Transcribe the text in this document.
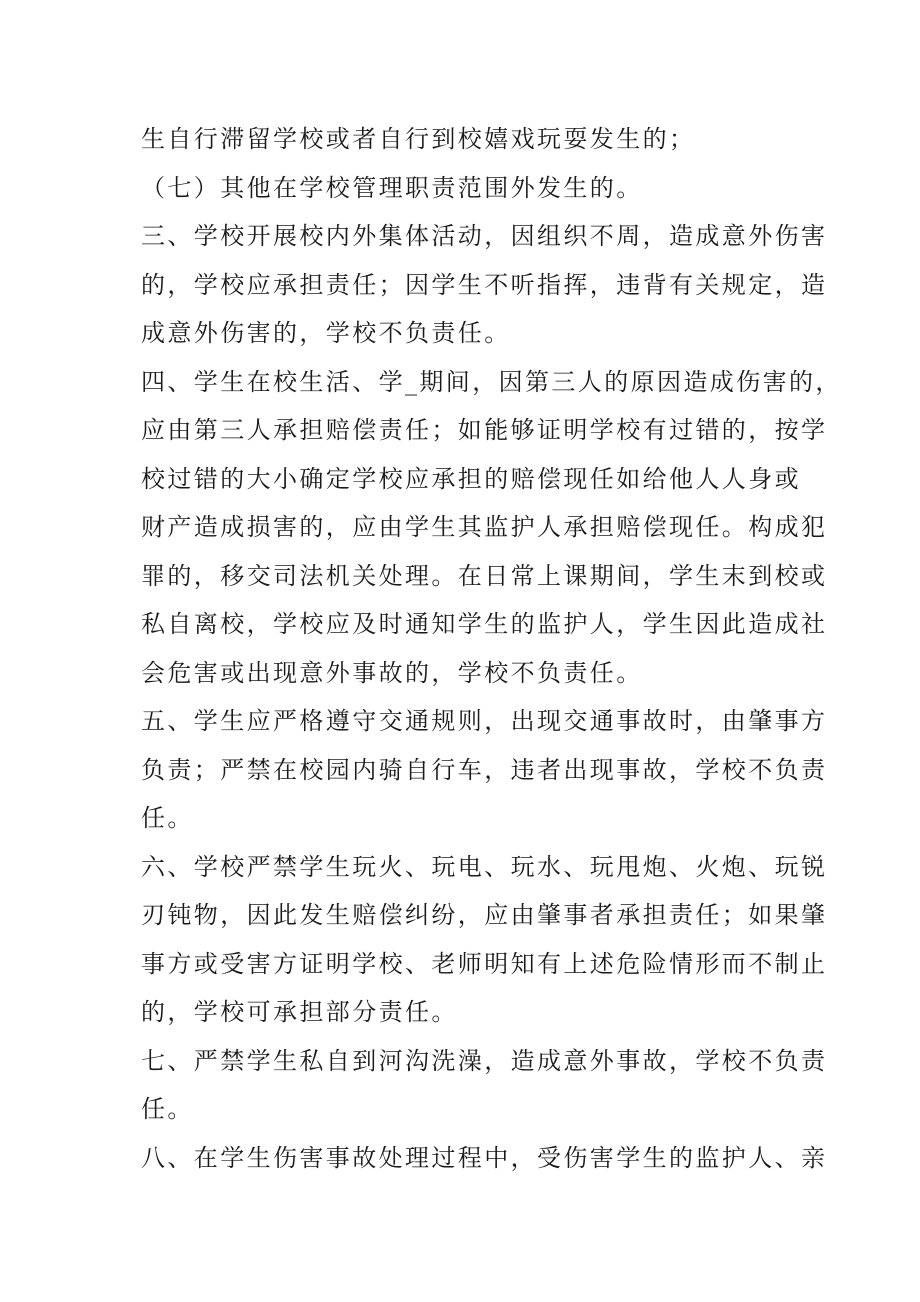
生自行滞留学校或者自行到校嬉戏玩耍发生的；
（七）其他在学校管理职责范围外发生的。
三、学校开展校内外集体活动，因组织不周，造成意外伤害
的，学校应承担责任；因学生不听指挥，违背有关规定，造
成意外伤害的，学校不负责任。
四、学生在校生活、学_期间，因第三人的原因造成伤害的，
应由第三人承担赔偿责任；如能够证明学校有过错的，按学
校过错的大小确定学校应承担的赔偿现任如给他人人身或
财产造成损害的，应由学生其监护人承担赔偿现任。构成犯
罪的，移交司法机关处理。在日常上课期间，学生末到校或
私自离校，学校应及时通知学生的监护人，学生因此造成社
会危害或出现意外事故的，学校不负责任。
五、学生应严格遵守交通规则，出现交通事故时，由肇事方
负责；严禁在校园内骑自行车，违者出现事故，学校不负责
任。
六、学校严禁学生玩火、玩电、玩水、玩甩炮、火炮、玩锐
刃钝物，因此发生赔偿纠纷，应由肇事者承担责任；如果肇
事方或受害方证明学校、老师明知有上述危险情形而不制止
的，学校可承担部分责任。
七、严禁学生私自到河沟洗澡，造成意外事故，学校不负责
任。
八、在学生伤害事故处理过程中，受伤害学生的监护人、亲
